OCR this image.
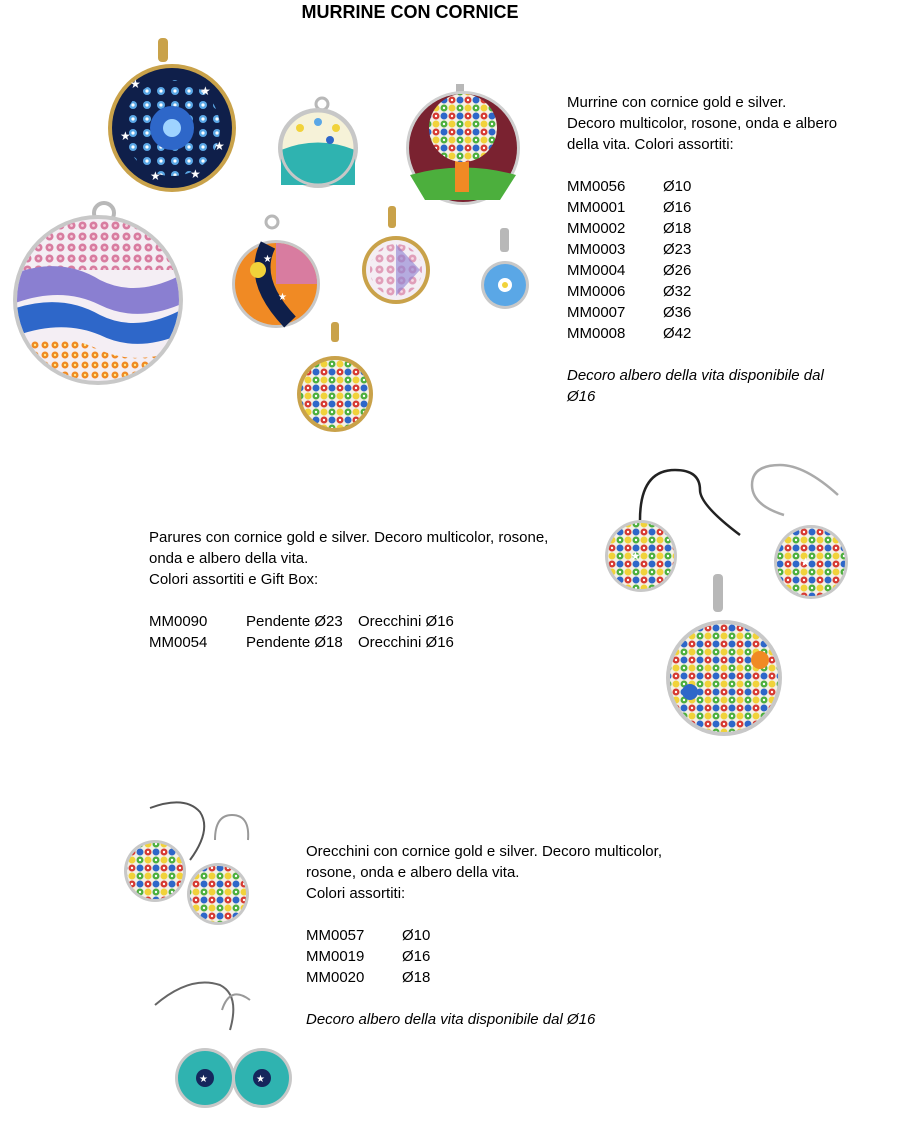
MURRINE CON CORNICE
★	★
★
★
★ ★
★
★

Murrine con cornice gold e silver.

Decoro multicolor, rosone, onda e albero

della vita. Colori assortiti:

MM0056	Ø10
MM0001	Ø16
MM0002	Ø18
MM0003	Ø23
MM0004	Ø26
MM0006	Ø32
MM0007	Ø36
MM0008	Ø42

Decoro albero della vita disponibile dal

Ø16

Parures con cornice gold e silver. Decoro multicolor, rosone,

onda e albero della vita.

Colori assortiti e Gift Box:

MM0090	Pendente Ø23	Orecchini Ø16
MM0054	Pendente Ø18	Orecchini Ø16
★	★
★	★

Orecchini con cornice gold e silver. Decoro multicolor,

rosone, onda e albero della vita.

Colori assortiti:

MM0057	Ø10
MM0019	Ø16
MM0020	Ø18

Decoro albero della vita disponibile dal Ø16
